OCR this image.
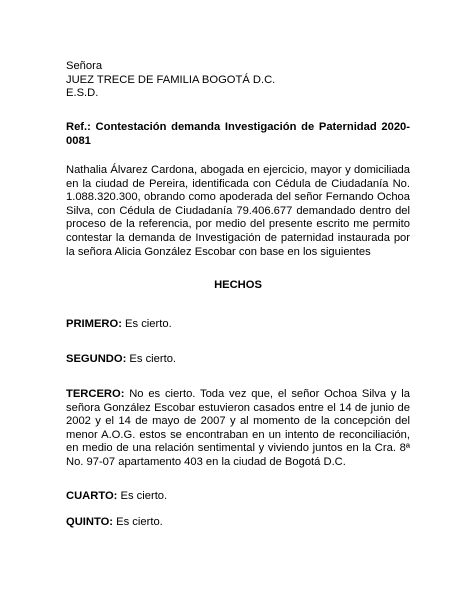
Señora
JUEZ TRECE DE FAMILIA BOGOTÁ D.C.
E.S.D.
Ref.: Contestación demanda Investigación de Paternidad 2020-0081
Nathalia Álvarez Cardona, abogada en ejercicio, mayor y domiciliada en la ciudad de Pereira, identificada con Cédula de Ciudadanía No. 1.088.320.300, obrando como apoderada del señor Fernando Ochoa Silva, con Cédula de Ciudadanía 79.406.677 demandado dentro del proceso de la referencia, por medio del presente escrito me permito contestar la demanda de Investigación de paternidad instaurada por la señora Alicia González Escobar con base en los siguientes
HECHOS
PRIMERO: Es cierto.
SEGUNDO: Es cierto.
TERCERO: No es cierto. Toda vez que, el señor Ochoa Silva y la señora González Escobar estuvieron casados entre el 14 de junio de 2002 y el 14 de mayo de 2007 y al momento de la concepción del menor A.O.G. estos se encontraban en un intento de reconciliación, en medio de una relación sentimental y viviendo juntos en la Cra. 8ª No. 97-07 apartamento 403 en la ciudad de Bogotá D.C.
CUARTO: Es cierto.
QUINTO: Es cierto.
